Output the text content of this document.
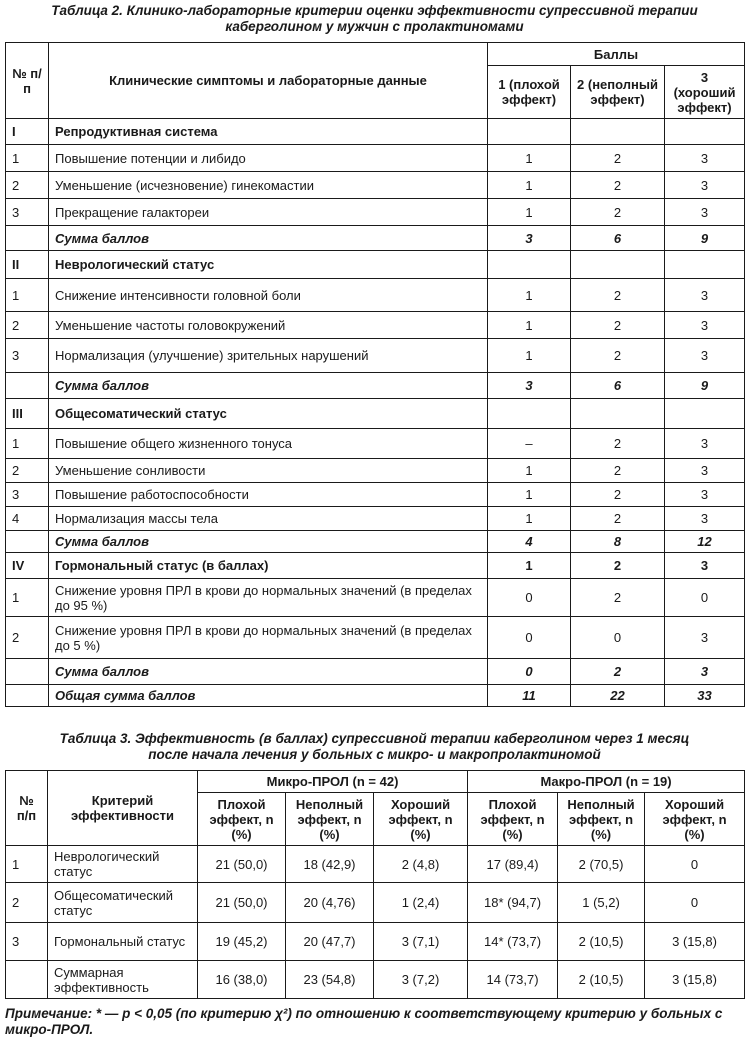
Таблица 2. Клинико-лабораторные критерии оценки эффективности супрессивной терапии
каберголином у мужчин с пролактиномами
№ п/п	Клинические симптомы и лабораторные данные	Баллы		
		1 (плохой эффект)	2 (неполный эффект)	3 (хороший эффект)
I	Репродуктивная система			
1	Повышение потенции и либидо	1	2	3
2	Уменьшение (исчезновение) гинекомастии	1	2	3
3	Прекращение галактореи	1	2	3
	Сумма баллов	3	6	9
II	Неврологический статус			
1	Снижение интенсивности головной боли	1	2	3
2	Уменьшение частоты головокружений	1	2	3
3	Нормализация (улучшение) зрительных нарушений	1	2	3
	Сумма баллов	3	6	9
III	Общесоматический статус			
1	Повышение общего жизненного тонуса	–	2	3
2	Уменьшение сонливости	1	2	3
3	Повышение работоспособности	1	2	3
4	Нормализация массы тела	1	2	3
	Сумма баллов	4	8	12
IV	Гормональный статус (в баллах)	1	2	3
1	Снижение уровня ПРЛ в крови до нормальных значений (в пределах до 95 %)	0	2	0
2	Снижение уровня ПРЛ в крови до нормальных значений (в пределах до 5 %)	0	0	3
	Сумма баллов	0	2	3
	Общая сумма баллов	11	22	33
Таблица 3. Эффективность (в баллах) супрессивной терапии каберголином через 1 месяц
после начала лечения у больных с микро- и макропролактиномой
№ п/п	Критерий эффективности	Микро-ПРОЛ (n = 42)			Макро-ПРОЛ (n = 19)		
		Плохой эффект, n (%)	Неполный эффект, n (%)	Хороший эффект, n (%)	Плохой эффект, n (%)	Неполный эффект, n (%)	Хороший эффект, n (%)
1	Неврологический статус	21 (50,0)	18 (42,9)	2 (4,8)	17 (89,4)	2 (70,5)	0
2	Общесоматический статус	21 (50,0)	20 (4,76)	1 (2,4)	18* (94,7)	1 (5,2)	0
3	Гормональный статус	19 (45,2)	20 (47,7)	3 (7,1)	14* (73,7)	2 (10,5)	3 (15,8)
	Суммарная эффективность	16 (38,0)	23 (54,8)	3 (7,2)	14 (73,7)	2 (10,5)	3 (15,8)
Примечание: * — p < 0,05 (по критерию χ²) по отношению к соответствующему критерию у больных с микро-ПРОЛ.
